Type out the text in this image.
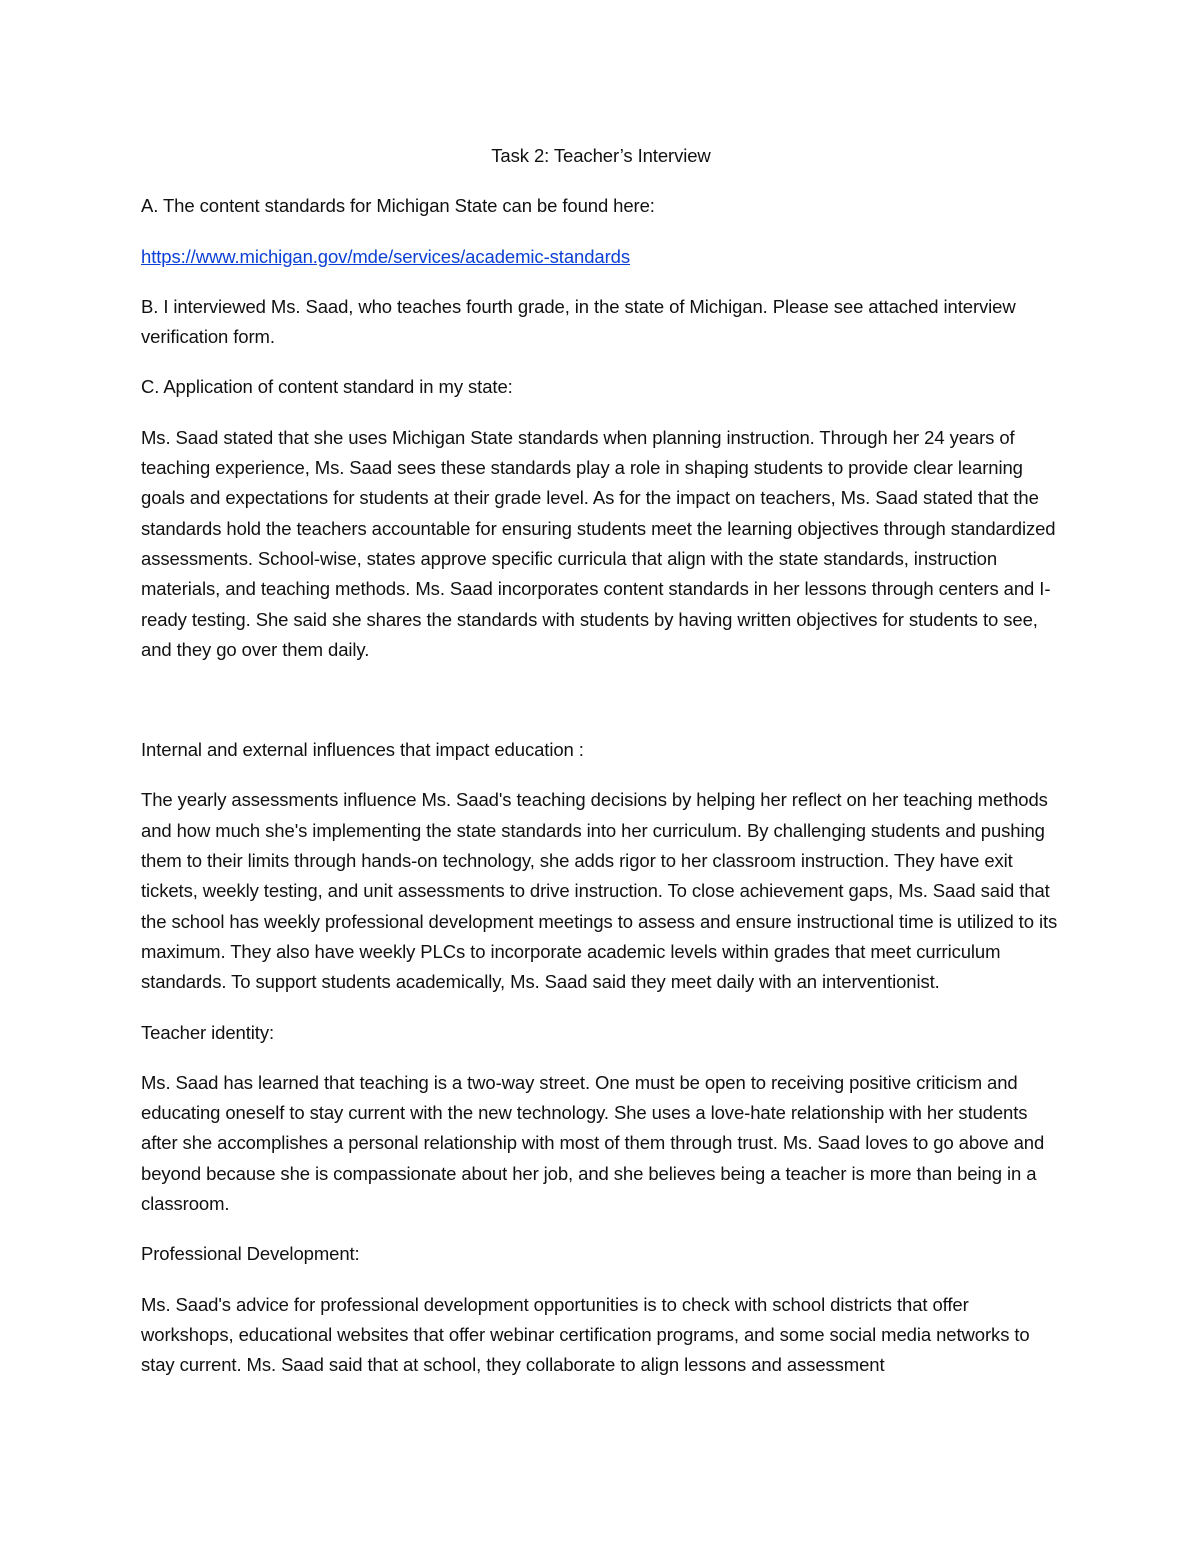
Task 2: Teacher’s Interview
A. The content standards for Michigan State can be found here:
https://www.michigan.gov/mde/services/academic-standards
B. I interviewed Ms. Saad, who teaches fourth grade, in the state of Michigan. Please see attached interview verification form.
C. Application of content standard in my state:
Ms. Saad stated that she uses Michigan State standards when planning instruction. Through her 24 years of teaching experience, Ms. Saad sees these standards play a role in shaping students to provide clear learning goals and expectations for students at their grade level. As for the impact on teachers, Ms. Saad stated that the standards hold the teachers accountable for ensuring students meet the learning objectives through standardized assessments. School-wise, states approve specific curricula that align with the state standards, instruction materials, and teaching methods. Ms. Saad incorporates content standards in her lessons through centers and I-ready testing. She said she shares the standards with students by having written objectives for students to see, and they go over them daily.
Internal and external influences that impact education :
The yearly assessments influence Ms. Saad's teaching decisions by helping her reflect on her teaching methods and how much she's implementing the state standards into her curriculum. By challenging students and pushing them to their limits through hands-on technology, she adds rigor to her classroom instruction. They have exit tickets, weekly testing, and unit assessments to drive instruction. To close achievement gaps, Ms. Saad said that the school has weekly professional development meetings to assess and ensure instructional time is utilized to its maximum. They also have weekly PLCs to incorporate academic levels within grades that meet curriculum standards. To support students academically, Ms. Saad said they meet daily with an interventionist.
Teacher identity:
Ms. Saad has learned that teaching is a two-way street. One must be open to receiving positive criticism and educating oneself to stay current with the new technology. She uses a love-hate relationship with her students after she accomplishes a personal relationship with most of them through trust. Ms. Saad loves to go above and beyond because she is compassionate about her job, and she believes being a teacher is more than being in a classroom.
Professional Development:
Ms. Saad's advice for professional development opportunities is to check with school districts that offer workshops, educational websites that offer webinar certification programs, and some social media networks to stay current. Ms. Saad said that at school, they collaborate to align lessons and assessment
